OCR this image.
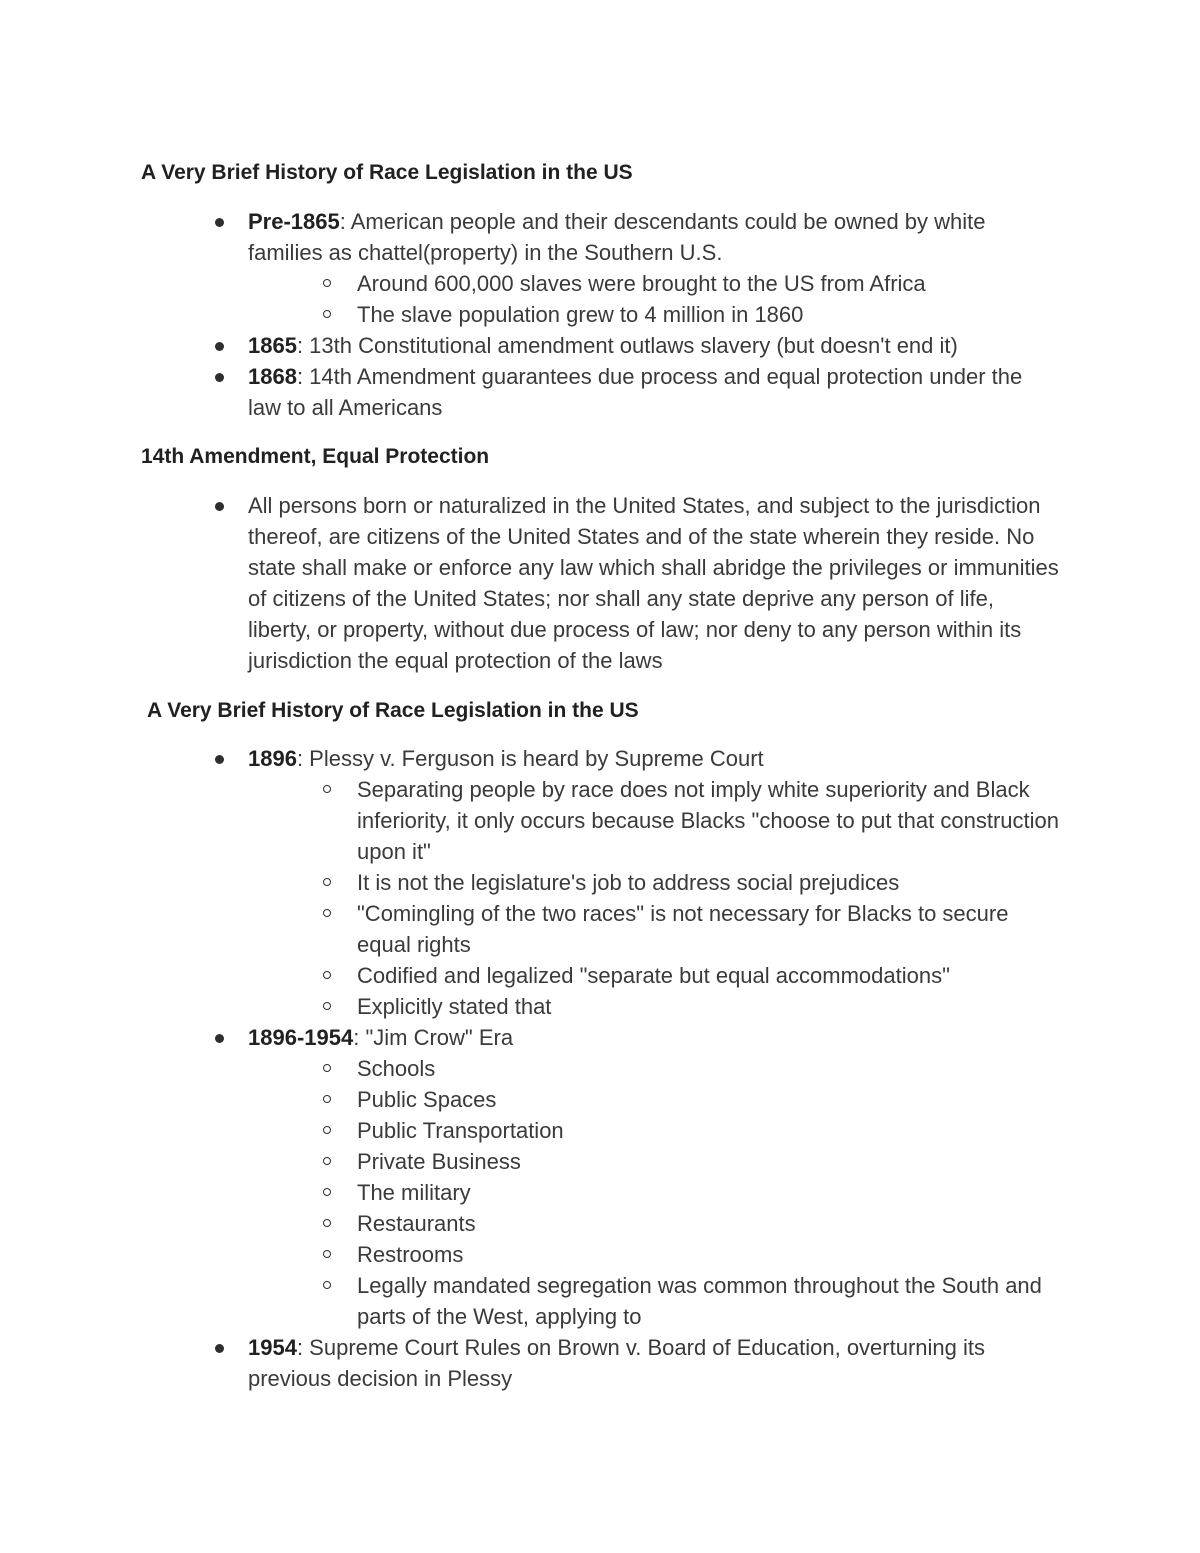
A Very Brief History of Race Legislation in the US
Pre-1865: American people and their descendants could be owned by white families as chattel(property) in the Southern U.S.
Around 600,000 slaves were brought to the US from Africa
The slave population grew to 4 million in 1860
1865: 13th Constitutional amendment outlaws slavery (but doesn't end it)
1868: 14th Amendment guarantees due process and equal protection under the law to all Americans
14th Amendment, Equal Protection
All persons born or naturalized in the United States, and subject to the jurisdiction thereof, are citizens of the United States and of the state wherein they reside. No state shall make or enforce any law which shall abridge the privileges or immunities of citizens of the United States; nor shall any state deprive any person of life, liberty, or property, without due process of law; nor deny to any person within its jurisdiction the equal protection of the laws
A Very Brief History of Race Legislation in the US
1896: Plessy v. Ferguson is heard by Supreme Court
Separating people by race does not imply white superiority and Black inferiority, it only occurs because Blacks "choose to put that construction upon it"
It is not the legislature's job to address social prejudices
"Comingling of the two races" is not necessary for Blacks to secure equal rights
Codified and legalized "separate but equal accommodations"
Explicitly stated that
1896-1954: "Jim Crow" Era
Schools
Public Spaces
Public Transportation
Private Business
The military
Restaurants
Restrooms
Legally mandated segregation was common throughout the South and parts of the West, applying to
1954: Supreme Court Rules on Brown v. Board of Education, overturning its previous decision in Plessy
